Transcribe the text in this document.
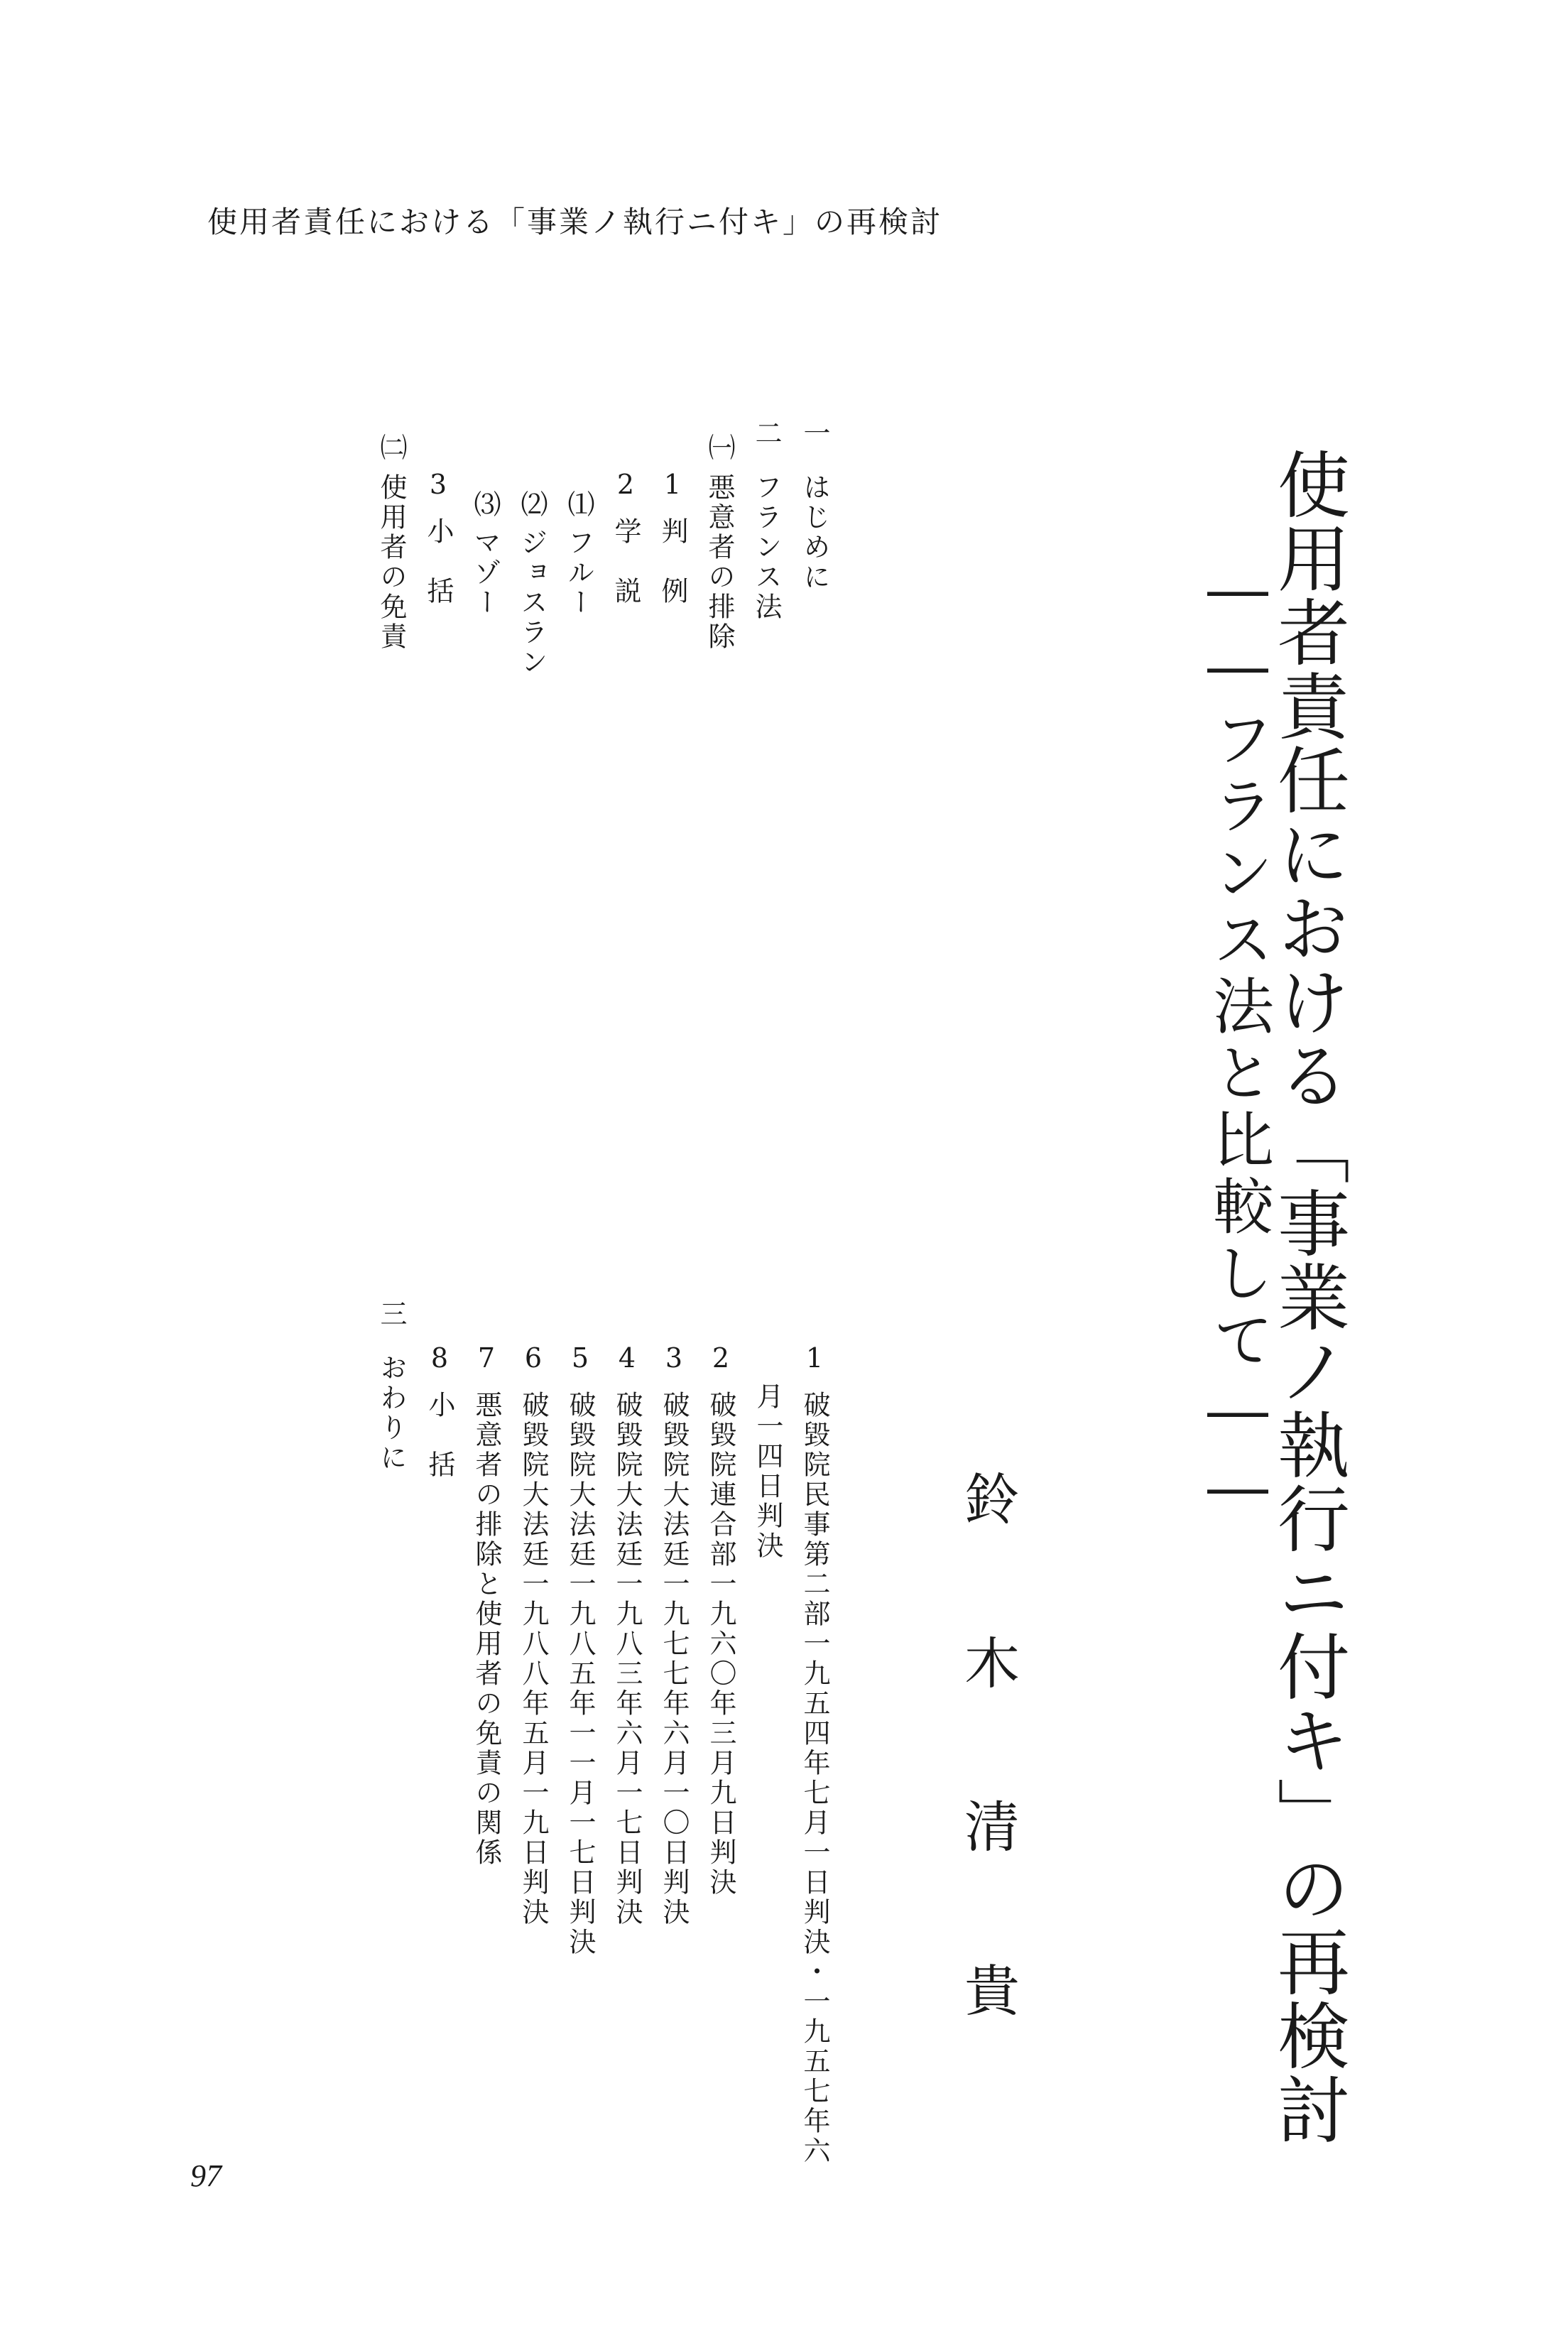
使用者責任における「事業ノ執行ニ付キ」の再検討
使用者責任における「事業ノ執行ニ付キ」の再検討
――フランス法と比較して――
鈴
木
清
貴
一はじめに
二フランス法
㈠悪意者の排除
1判　例
2学　説
⑴フルー
⑵ジョスラン
⑶マゾー
3小　括
㈡使用者の免責
1破毀院民事第二部一九五四年七月一日判決・一九五七年六
月一四日判決
2破毀院連合部一九六〇年三月九日判決
3破毀院大法廷一九七七年六月一〇日判決
4破毀院大法廷一九八三年六月一七日判決
5破毀院大法廷一九八五年一一月一七日判決
6破毀院大法廷一九八八年五月一九日判決
7悪意者の排除と使用者の免責の関係
8小　括
三おわりに
97
